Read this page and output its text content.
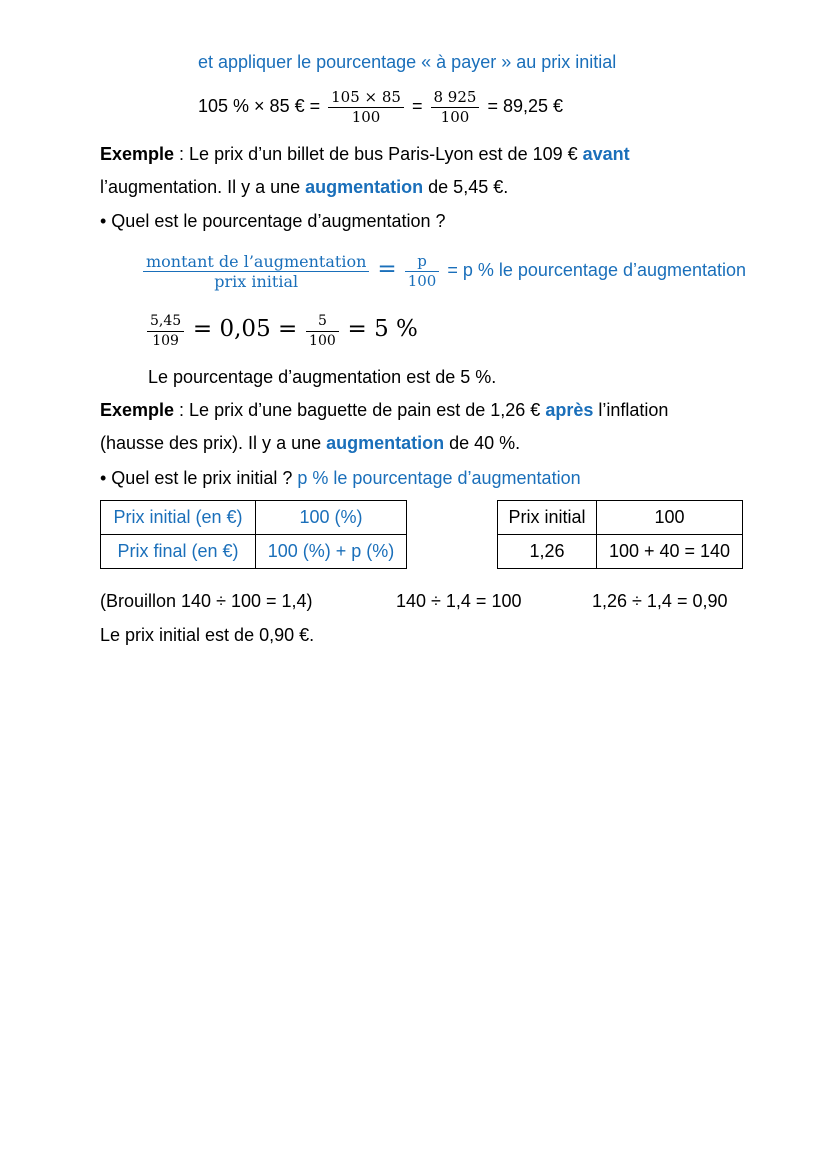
et appliquer le pourcentage « à payer » au prix initial
105 % × 85 € = $\frac{105 \times 85}{100} = \frac{8 925}{100} = 89,25$ €
Exemple : Le prix d’un billet de bus Paris-Lyon est de 109 € avant
l’augmentation. Il y a une augmentation de 5,45 €.
• Quel est le pourcentage d’augmentation ?
$\frac{\text{montant de l’augmentation}}{\text{prix initial}} = \frac{p}{100} = p$ % le pourcentage d’augmentation
$\frac{5,45}{109} = 0,05 = \frac{5}{100} = 5$ %
Le pourcentage d’augmentation est de 5 %.
Exemple : Le prix d’une baguette de pain est de 1,26 € après l’inflation
(hausse des prix). Il y a une augmentation de 40 %.
• Quel est le prix initial ? p % le pourcentage d’augmentation
Prix initial (en €)	100 (%)
Prix final (en €)	100 (%) + p (%)
Prix initial	100
1,26	100 + 40 = 140
(Brouillon 140 ÷ 100 = 1,4)	140 ÷ 1,4 = 100	1,26 ÷ 1,4 = 0,90
Le prix initial est de 0,90 €.
